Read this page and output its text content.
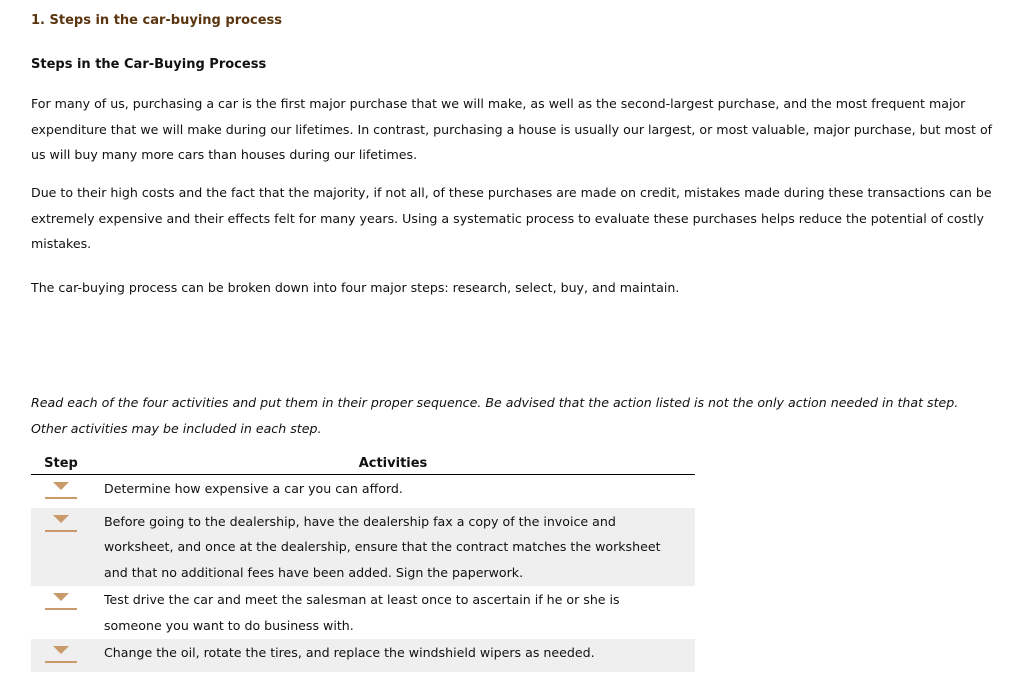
1. Steps in the car-buying process
Steps in the Car-Buying Process

For many of us, purchasing a car is the first major purchase that we will make, as well as the second-largest purchase, and the most frequent major expenditure that we will make during our lifetimes. In contrast, purchasing a house is usually our largest, or most valuable, major purchase, but most of us will buy many more cars than houses during our lifetimes.

Due to their high costs and the fact that the majority, if not all, of these purchases are made on credit, mistakes made during these transactions can be extremely expensive and their effects felt for many years. Using a systematic process to evaluate these purchases helps reduce the potential of costly mistakes.

The car-buying process can be broken down into four major steps: research, select, buy, and maintain.

Read each of the four activities and put them in their proper sequence. Be advised that the action listed is not the only action needed in that step. Other activities may be included in each step.

Step	Activities
	Determine how expensive a car you can afford.
	Before going to the dealership, have the dealership fax a copy of the invoice and worksheet, and once at the dealership, ensure that the contract matches the worksheet and that no additional fees have been added. Sign the paperwork.
	Test drive the car and meet the salesman at least once to ascertain if he or she is someone you want to do business with.
	Change the oil, rotate the tires, and replace the windshield wipers as needed.
